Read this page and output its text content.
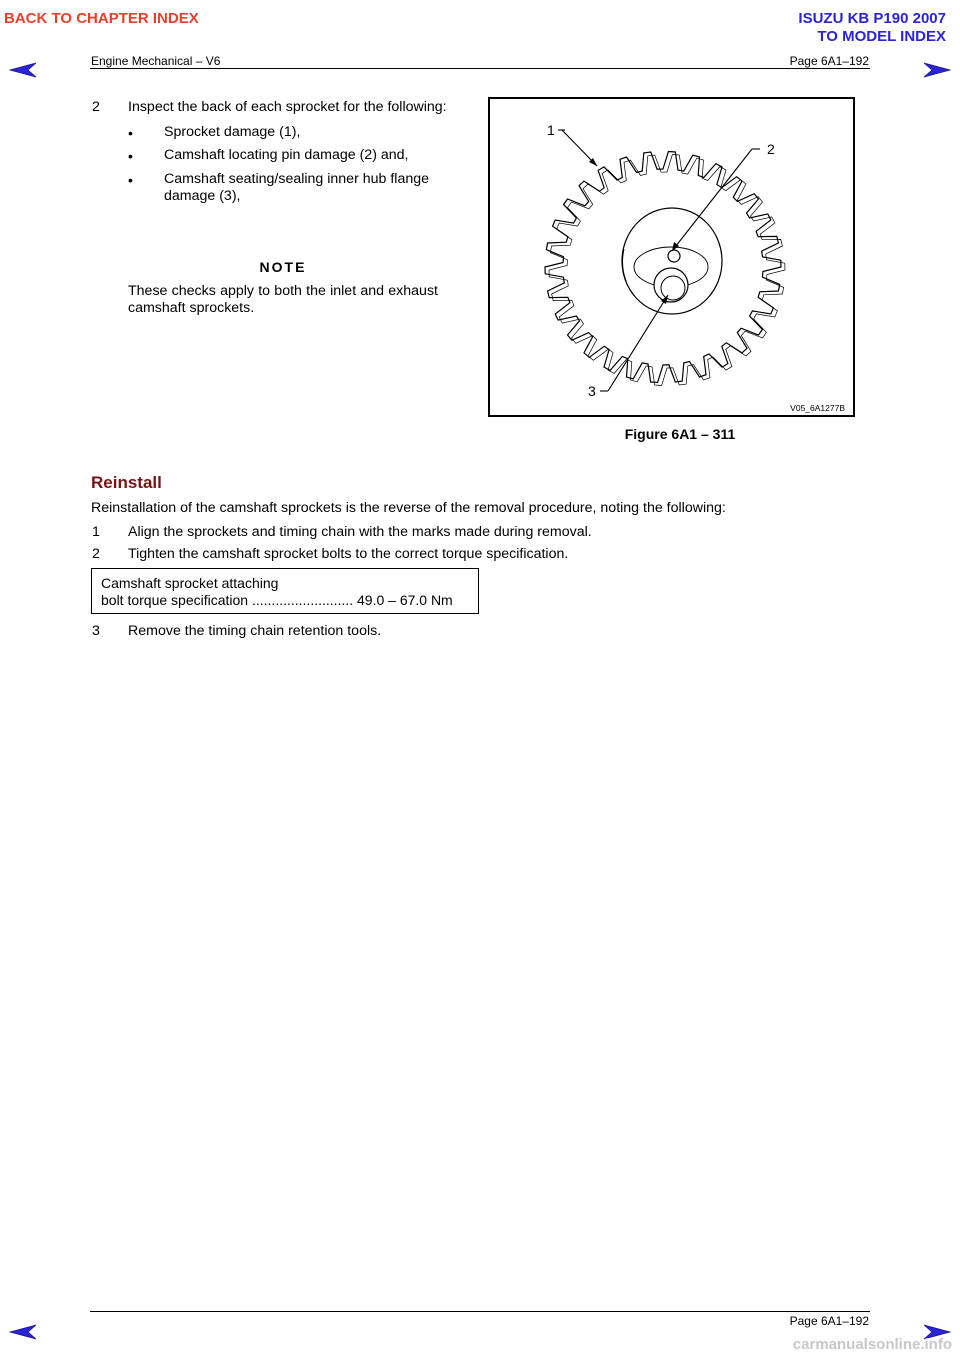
BACK TO CHAPTER INDEX	ISUZU KB P190 2007
TO MODEL INDEX
Engine Mechanical – V6	Page 6A1–192
2 Inspect the back of each sprocket for the following:
• Sprocket damage (1),
• Camshaft locating pin damage (2) and,
• Camshaft seating/sealing inner hub flange damage (3),
NOTE
These checks apply to both the inlet and exhaust camshaft sprockets.
1
2
3
V05_6A1277B
Figure 6A1 – 311
Reinstall
Reinstallation of the camshaft sprockets is the reverse of the removal procedure, noting the following:
1 Align the sprockets and timing chain with the marks made during removal.
2 Tighten the camshaft sprocket bolts to the correct torque specification.
Camshaft sprocket attaching
bolt torque specification .......................... 49.0 – 67.0 Nm
3 Remove the timing chain retention tools.
Page 6A1–192
carmanualsonline.info
